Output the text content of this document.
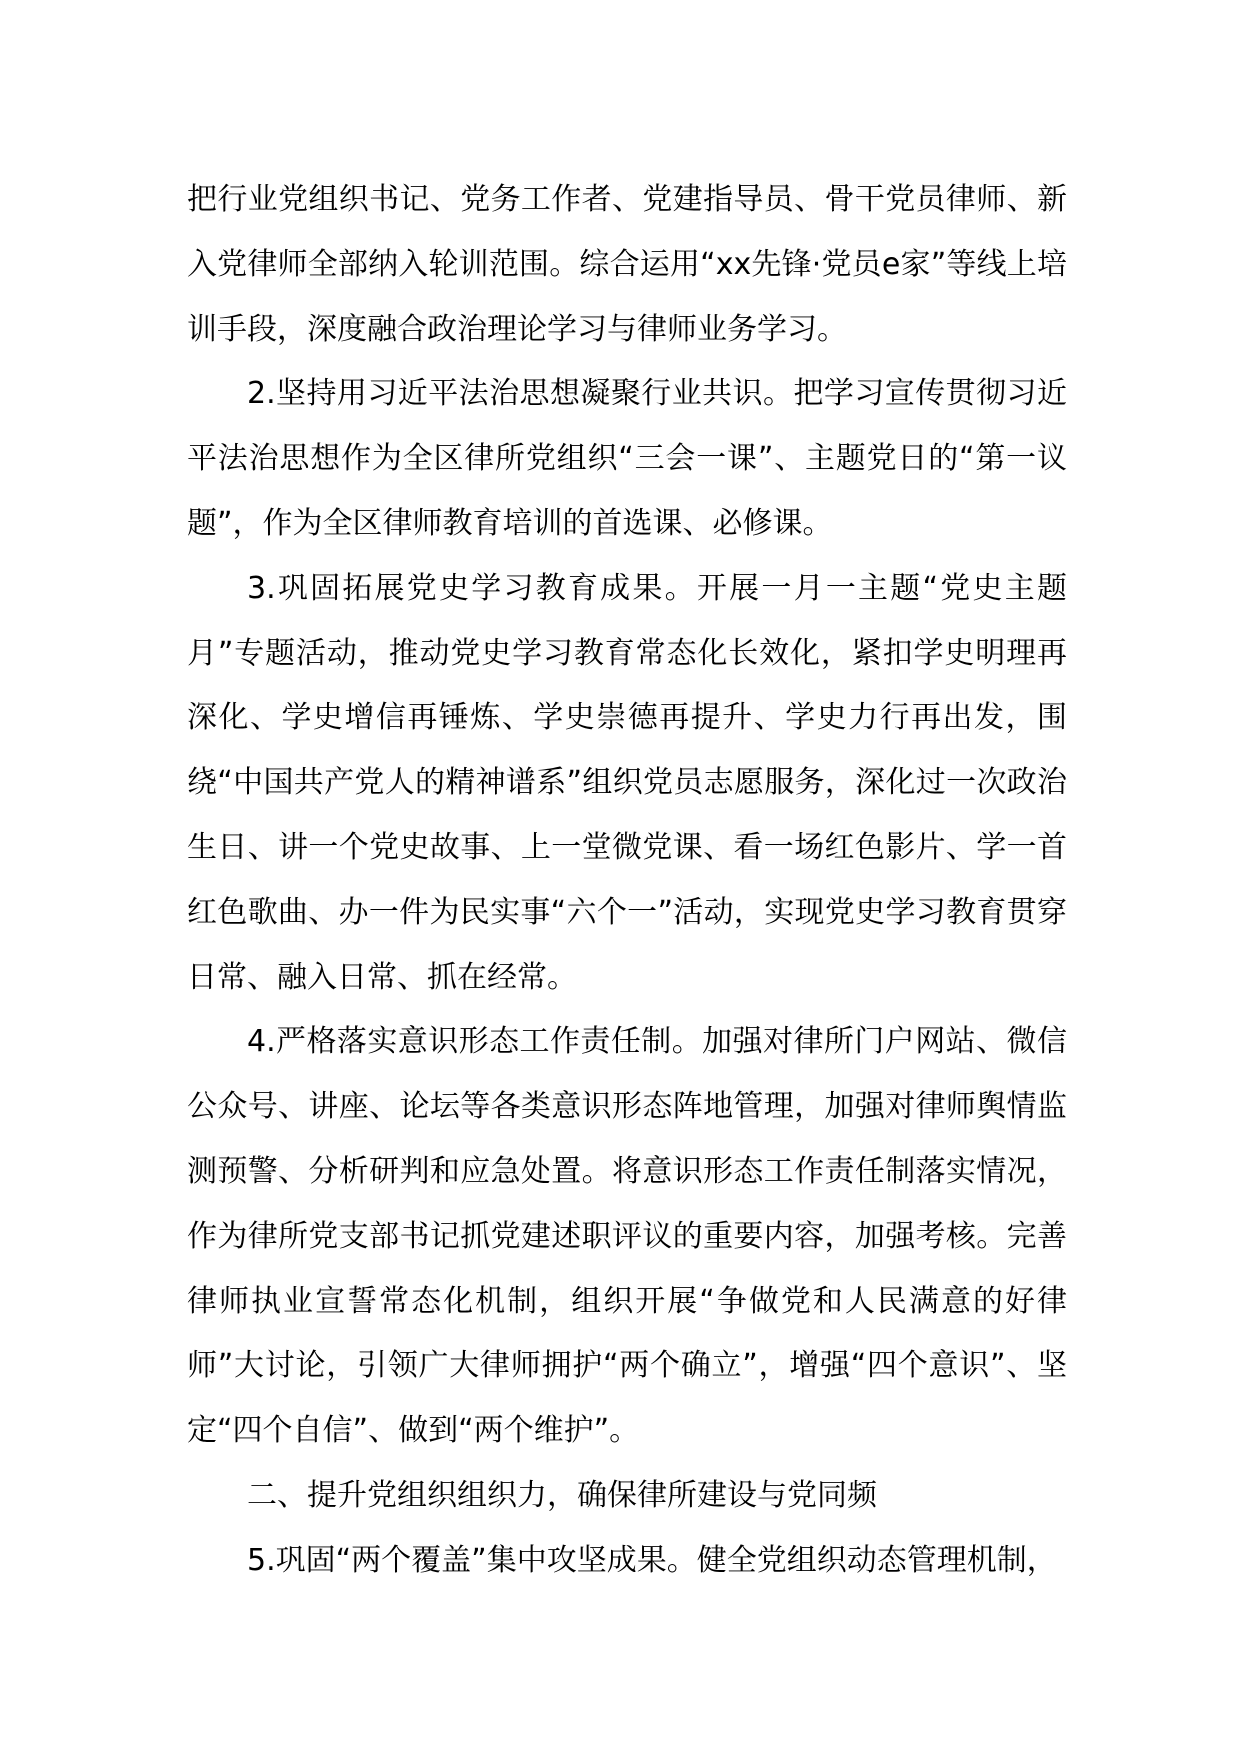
把行业党组织书记、党务工作者、党建指导员、骨干党员律师、新入党律师全部纳入轮训范围。综合运用“xx先锋·党员e家”等线上培训手段，深度融合政治理论学习与律师业务学习。

2.坚持用习近平法治思想凝聚行业共识。把学习宣传贯彻习近平法治思想作为全区律所党组织“三会一课”、主题党日的“第一议题”，作为全区律师教育培训的首选课、必修课。

3.巩固拓展党史学习教育成果。开展一月一主题“党史主题月”专题活动，推动党史学习教育常态化长效化，紧扣学史明理再深化、学史增信再锤炼、学史崇德再提升、学史力行再出发，围绕“中国共产党人的精神谱系”组织党员志愿服务，深化过一次政治生日、讲一个党史故事、上一堂微党课、看一场红色影片、学一首红色歌曲、办一件为民实事“六个一”活动，实现党史学习教育贯穿日常、融入日常、抓在经常。

4.严格落实意识形态工作责任制。加强对律所门户网站、微信公众号、讲座、论坛等各类意识形态阵地管理，加强对律师舆情监测预警、分析研判和应急处置。将意识形态工作责任制落实情况，作为律所党支部书记抓党建述职评议的重要内容，加强考核。完善律师执业宣誓常态化机制，组织开展“争做党和人民满意的好律师”大讨论，引领广大律师拥护“两个确立”，增强“四个意识”、坚定“四个自信”、做到“两个维护”。

二、提升党组织组织力，确保律所建设与党同频

5.巩固“两个覆盖”集中攻坚成果。健全党组织动态管理机制，
